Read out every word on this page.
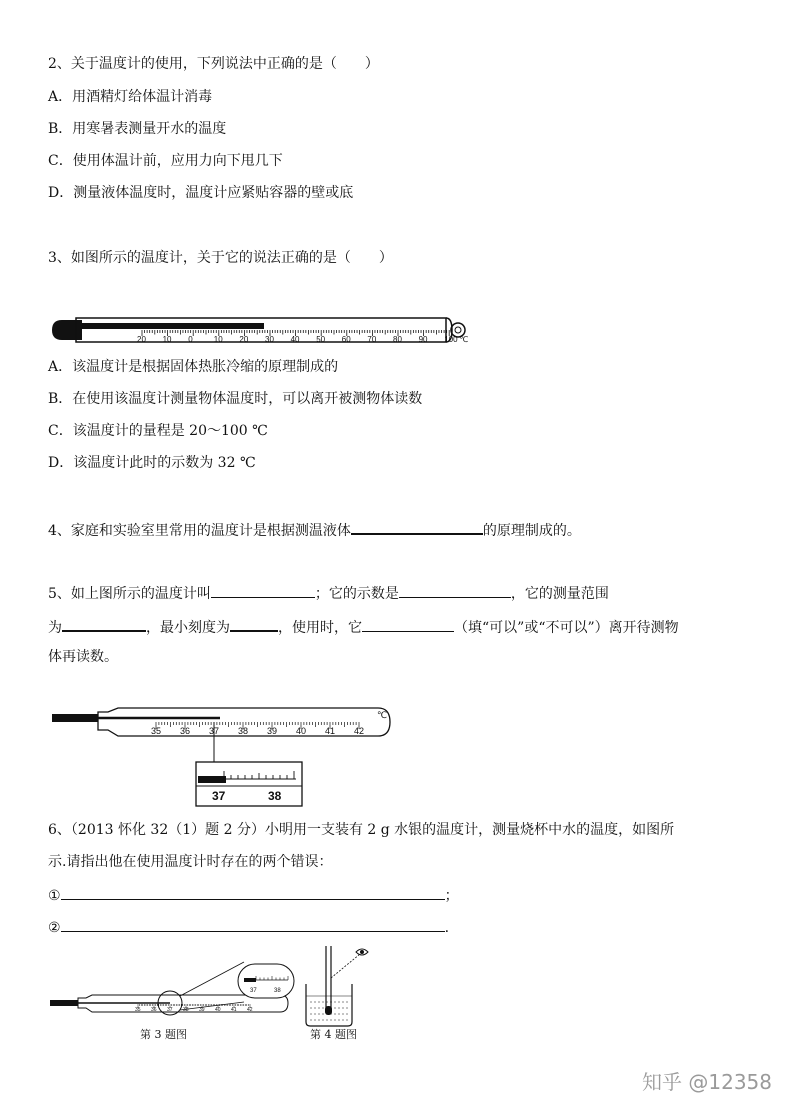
2、关于温度计的使用，下列说法中正确的是（　　）
A．用酒精灯给体温计消毒
B．用寒暑表测量开水的温度
C．使用体温计前，应用力向下甩几下
D．测量液体温度时，温度计应紧贴容器的壁或底
3、如图所示的温度计，关于它的说法正确的是（　　）
20 10 0	10 20 30 40 50 60 70 80 90 100 ℃
A．该温度计是根据固体热胀冷缩的原理制成的
B．在使用该温度计测量物体温度时，可以离开被测物体读数
C．该温度计的量程是 20～100 ℃
D．该温度计此时的示数为 32 ℃
4、家庭和实验室里常用的温度计是根据测温液体	的原理制成的。
5、如上图所示的温度计叫	；它的示数是	，它的测量范围
为	，最小刻度为	，使用时，它	（填“可以”或“不可以”）离开待测物
体再读数。
35 36 37 38 39 40 41 42
℃
37	38
6、（2013 怀化 32（1）题 2 分）小明用一支装有 2 g 水银的温度计，测量烧杯中水的温度，如图所
示.请指出他在使用温度计时存在的两个错误：
①	；
②	.
35 36 37 38 39 40 41 42
37	38
第 3 题图	第 4 题图
知乎 @12358
